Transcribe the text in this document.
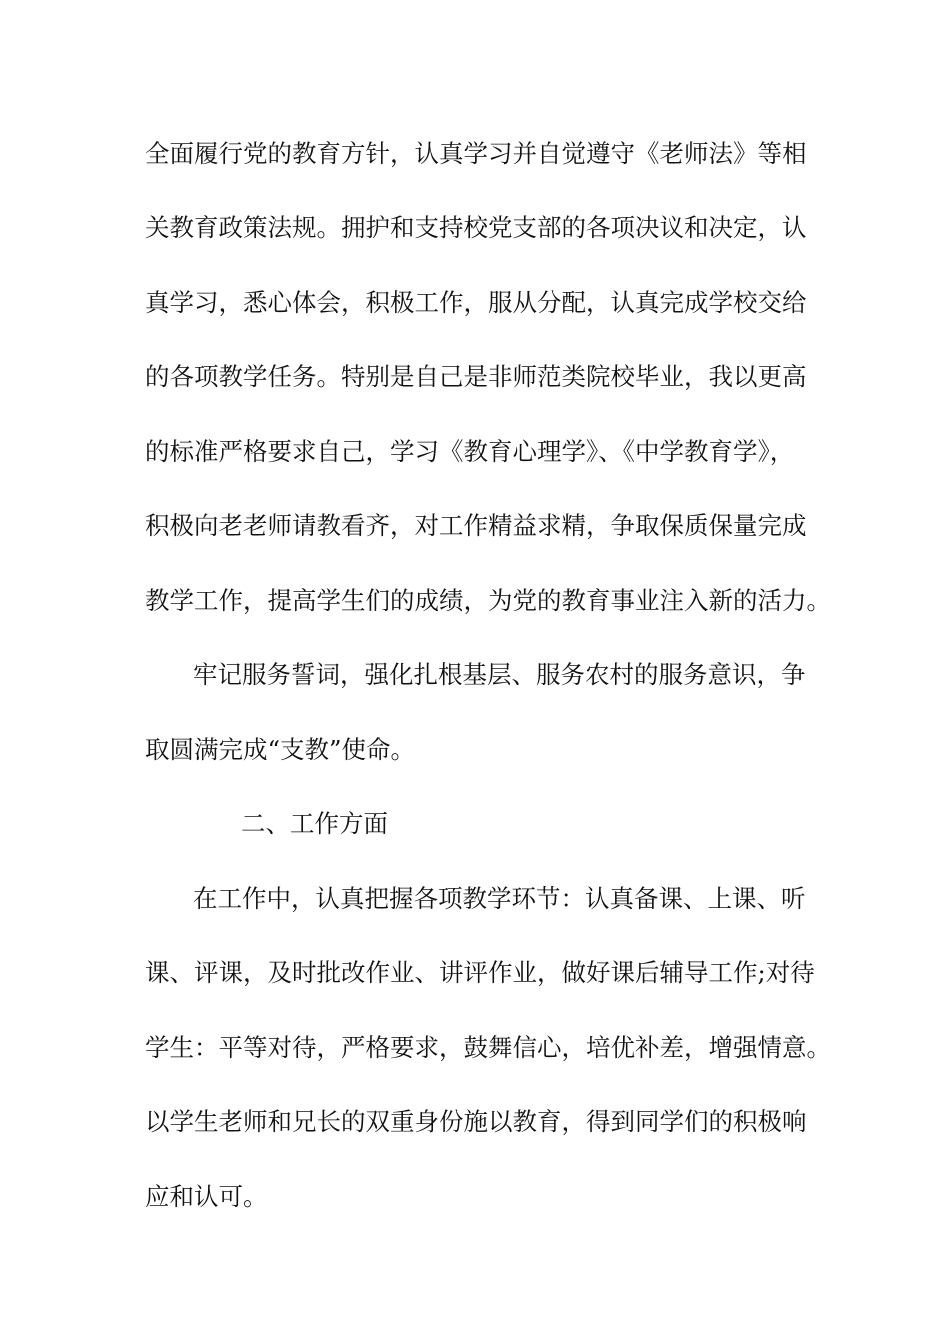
全面履行党的教育方针，认真学习并自觉遵守《老师法》等相
关教育政策法规。拥护和支持校党支部的各项决议和决定，认
真学习，悉心体会，积极工作，服从分配，认真完成学校交给
的各项教学任务。特别是自己是非师范类院校毕业，我以更高
的标准严格要求自己，学习《教育心理学》、《中学教育学》，
积极向老老师请教看齐，对工作精益求精，争取保质保量完成
教学工作，提高学生们的成绩，为党的教育事业注入新的活力。
牢记服务誓词，强化扎根基层、服务农村的服务意识，争
取圆满完成“支教”使命。
二、工作方面
在工作中，认真把握各项教学环节：认真备课、上课、听
课、评课，及时批改作业、讲评作业，做好课后辅导工作;对待
学生：平等对待，严格要求，鼓舞信心，培优补差，增强情意。
以学生老师和兄长的双重身份施以教育，得到同学们的积极响
应和认可。
